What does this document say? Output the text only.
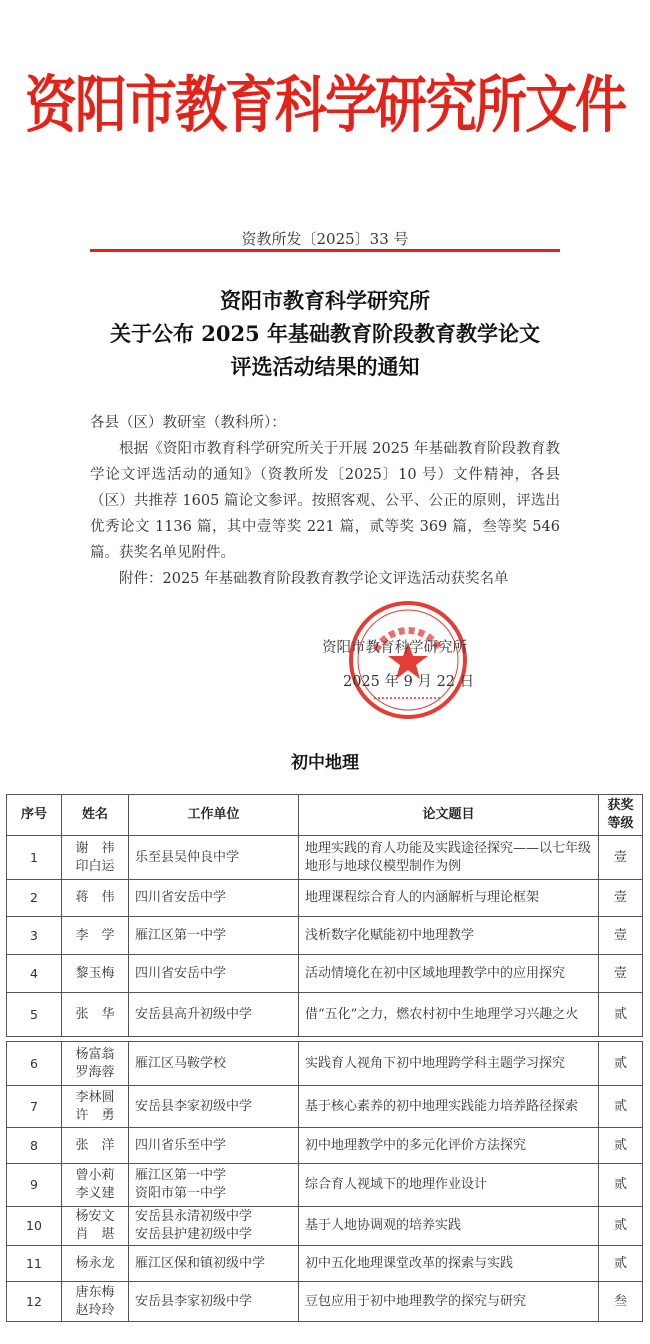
资阳市教育科学研究所文件
资教所发〔2025〕33 号
资阳市教育科学研究所
关于公布 2025 年基础教育阶段教育教学论文
评选活动结果的通知
各县（区）教研室（教科所）：
根据《资阳市教育科学研究所关于开展 2025 年基础教育阶段教育教学论文评选活动的通知》（资教所发〔2025〕10 号）文件精神，各县（区）共推荐 1605 篇论文参评。按照客观、公平、公正的原则，评选出优秀论文 1136 篇，其中壹等奖 221 篇，贰等奖 369 篇，叁等奖 546 篇。获奖名单见附件。
附件：2025 年基础教育阶段教育教学论文评选活动获奖名单
资阳市教育科学研究所
2025 年 9 月 22 日
初中地理
序号	姓名	工作单位	论文题目	获奖等级
1	谢　祎
印白运	乐至县吴仲良中学	地理实践的育人功能及实践途径探究——以七年级地形与地球仪模型制作为例	壹
2	蒋　伟	四川省安岳中学	地理课程综合育人的内涵解析与理论框架	壹
3	李　学	雁江区第一中学	浅析数字化赋能初中地理教学	壹
4	黎玉梅	四川省安岳中学	活动情境化在初中区域地理教学中的应用探究	壹
5	张　华	安岳县高升初级中学	借“五化”之力，燃农村初中生地理学习兴趣之火	贰

6	杨富翁
罗海蓉	雁江区马鞍学校	实践育人视角下初中地理跨学科主题学习探究	贰
7	李林圆
许　勇	安岳县李家初级中学	基于核心素养的初中地理实践能力培养路径探索	贰
8	张　洋	四川省乐至中学	初中地理教学中的多元化评价方法探究	贰
9	曾小莉
李义建	雁江区第一中学
资阳市第一中学	综合育人视域下的地理作业设计	贰
10	杨安文
肖　堪	安岳县永清初级中学
安岳县护建初级中学	基于人地协调观的培养实践	贰
11	杨永龙	雁江区保和镇初级中学	初中五化地理课堂改革的探索与实践	贰
12	唐东梅
赵玲玲	安岳县李家初级中学	豆包应用于初中地理教学的探究与研究	叁
